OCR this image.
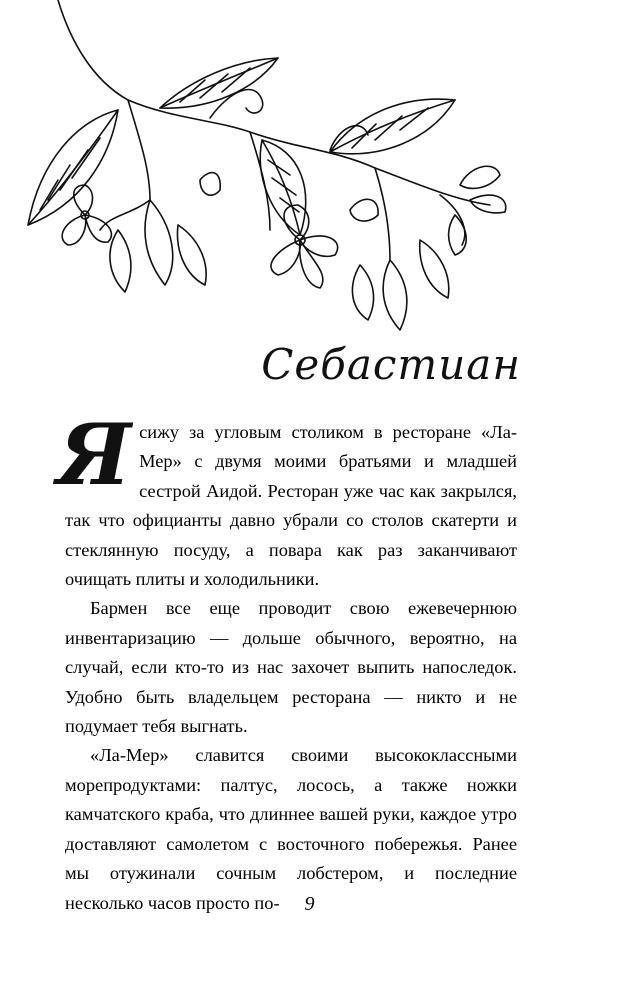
Себастиан

Ясижу за угловым столиком в ресторане «Ла-Мер» с двумя моими братьями и младшей сестрой Аидой. Ресторан уже час как закрылся, так что официанты давно убрали со столов скатерти и стеклянную посуду, а повара как раз заканчивают очищать плиты и холодильники.

Бармен все еще проводит свою ежевечернюю инвентаризацию — дольше обычного, вероятно, на случай, если кто-то из нас захочет выпить напоследок. Удобно быть владельцем ресторана — никто и не подумает тебя выгнать.

«Ла-Мер» славится своими высококлассными морепродуктами: палтус, лосось, а также ножки камчатского краба, что длиннее вашей руки, каждое утро доставляют самолетом с восточного побережья. Ранее мы отужинали сочным лобстером, и последние несколько часов просто по-	9
